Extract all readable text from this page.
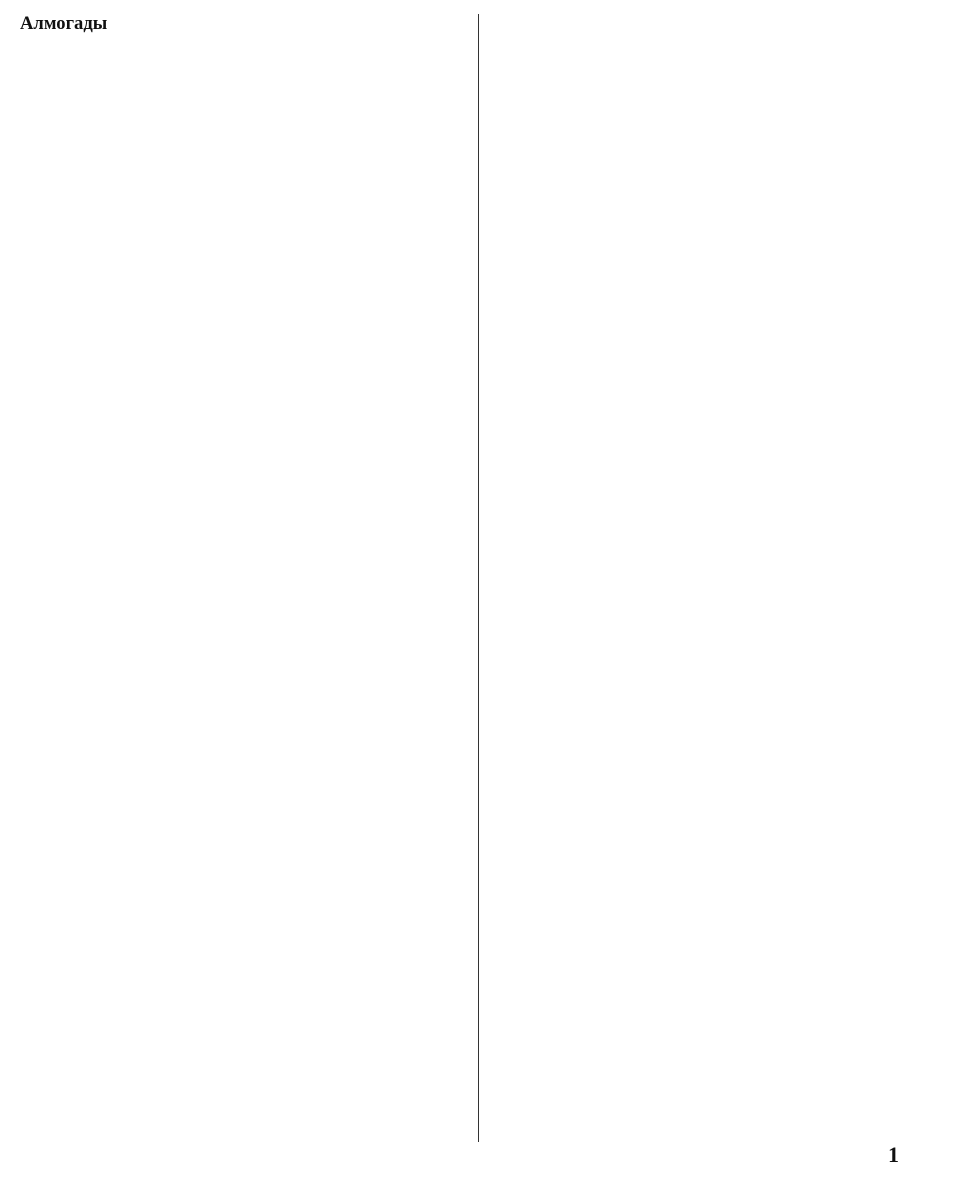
Алмогады

1
